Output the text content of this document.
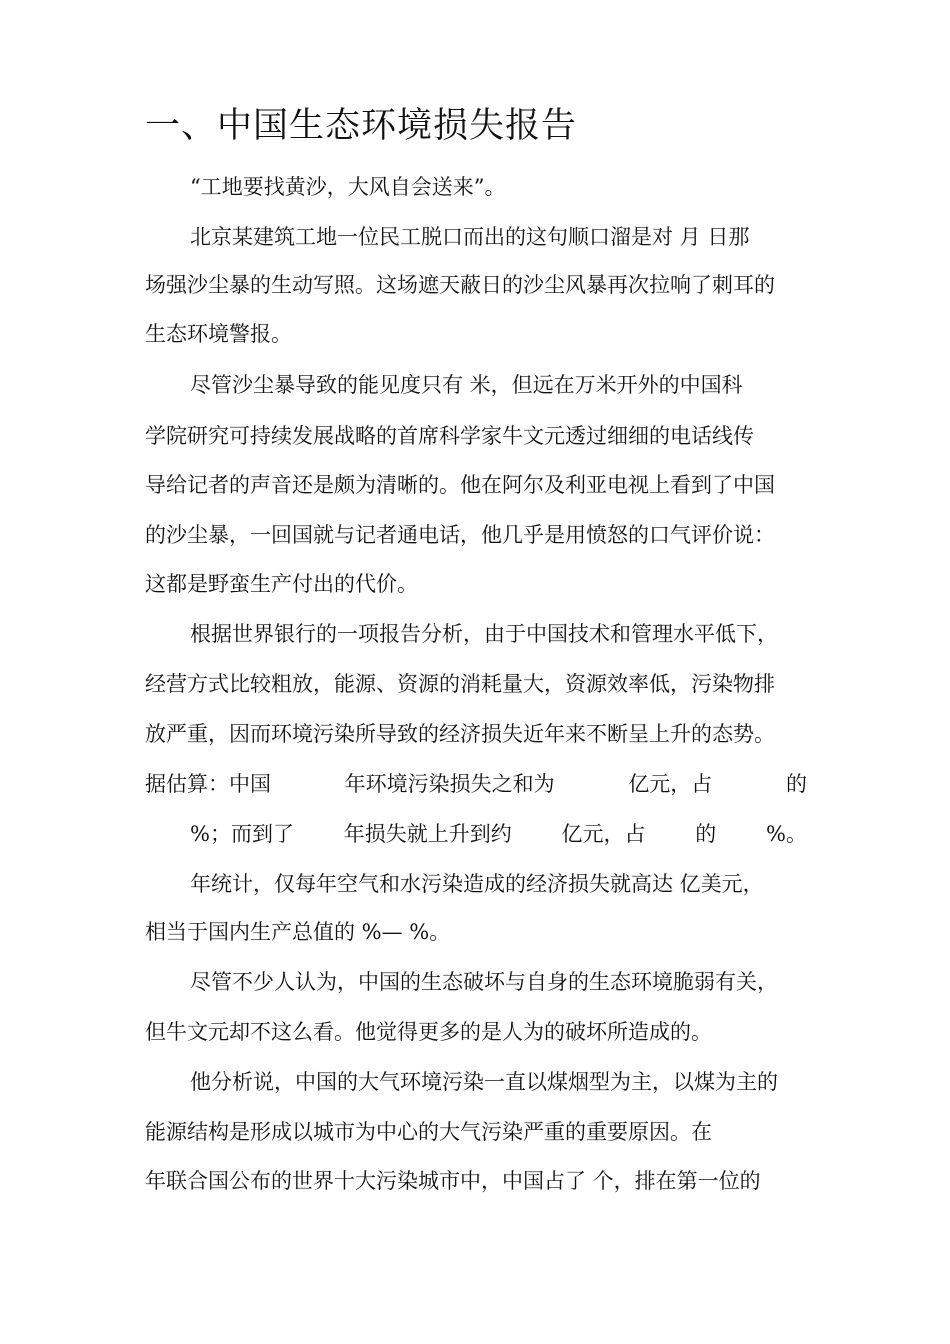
一、中国生态环境损失报告
“工地要找黄沙，大风自会送来”。
北京某建筑工地一位民工脱口而出的这句顺口溜是对 月 日那
场强沙尘暴的生动写照。这场遮天蔽日的沙尘风暴再次拉响了刺耳的
生态环境警报。
尽管沙尘暴导致的能见度只有 米，但远在万米开外的中国科
学院研究可持续发展战略的首席科学家牛文元透过细细的电话线传
导给记者的声音还是颇为清晰的。他在阿尔及利亚电视上看到了中国
的沙尘暴，一回国就与记者通电话，他几乎是用愤怒的口气评价说：
这都是野蛮生产付出的代价。
根据世界银行的一项报告分析，由于中国技术和管理水平低下，
经营方式比较粗放，能源、资源的消耗量大，资源效率低，污染物排
放严重，因而环境污染所导致的经济损失近年来不断呈上升的态势。
据估算：中国	年环境污染损失之和为	亿元，占	的
%；而到了 年损失就上升到约 亿元，占 的 %。
年统计，仅每年空气和水污染造成的经济损失就高达 亿美元，
相当于国内生产总值的 %— %。
尽管不少人认为，中国的生态破坏与自身的生态环境脆弱有关，
但牛文元却不这么看。他觉得更多的是人为的破坏所造成的。
他分析说，中国的大气环境污染一直以煤烟型为主，以煤为主的
能源结构是形成以城市为中心的大气污染严重的重要原因。在
年联合国公布的世界十大污染城市中，中国占了 个，排在第一位的
